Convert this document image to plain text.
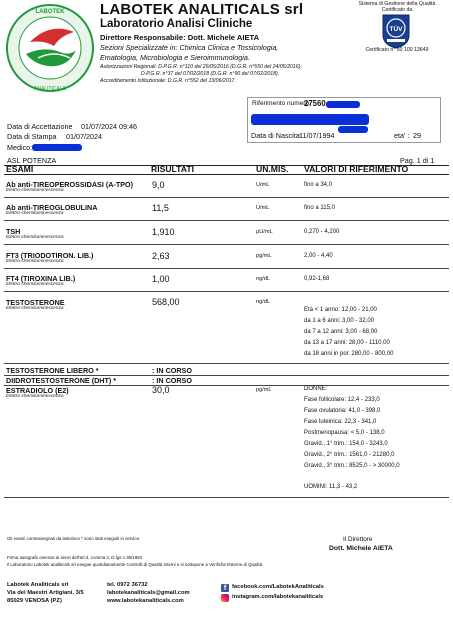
LABOTEK
ANALITICALS
LABOTEK ANALITICALS srl
Laboratorio Analisi Cliniche
Direttore Responsabile: Dott. Michele AIETA
Sezioni Specializzate in: Chimica Clinica e Tossicologia,
Ematologia, Microbiologia e Sieroimmunologia.
Autorizzazioni Regionali: D.P.G.R. n°110 del 26/05/2016 (D.G.R. n°550 del 24/05/2016);
D.P.G.R. n°37 del 07/02/2018 (D.G.R. n°90 del 07/02/2018).
Accreditamento Istituzionale: D.G.R. n°552 del 13/06/2017.
Sistema di Gestione della Qualità Certificato da
TÜV
Certificato n° 50 100 13649
Riferimento numero:
27560
Data di Accettazione 01/07/2024 09:46
Data di Stampa 01/07/2024
Medico:
Data di Nascita:
11/07/1994	eta' : 29
ASL POTENZA	Pag. 1 di 1
ESAMI	RISULTATI	UN.MIS. VALORI DI RIFERIMENTO
Ab anti-TIREOPEROSSIDASI (A-TPO)
Elettro-chemiluminescenza
9,0	U/mL	fino a 34,0
Ab anti-TIREOGLOBULINA
Elettro-chemiluminescenza
11,5	U/mL	fino a 115,0
TSH
Elettro-chemiluminescenza
1,910	µU/mL	0,270 - 4,200
FT3 (TRIODOTIRON. LIB.)
Elettro-chemiluminescenza
2,63	pg/mL	2,00 - 4,40
FT4 (TIROXINA LIB.)
Elettro-chemiluminescenza
1,00	ng/dL	0,92-1,68
TESTOSTERONE
Elettro-chemiluminescenza
568,00	ng/dL
Età < 1 anno: 12,00 - 21,00
da 1 a 6 anni: 3,00 - 32,00
da 7 a 12 anni: 3,00 - 68,00
da 13 a 17 anni: 28,00 - 1110,00
da 18 anni in poi: 280,00 - 800,00
TESTOSTERONE LIBERO *	: IN CORSO
DIIDROTESTOSTERONE (DHT) *	: IN CORSO
ESTRADIOLO (E2)
Elettro-chemiluminescenza
30,0	pg/mL	DONNE:
Fase follicolare: 12,4 - 233,0
Fase ovulatoria: 41,0 - 398,0
Fase luteinica: 22,3 - 341,0
Postmenopausa: < 5,0 - 138,0
Gravid., 1° trim.: 154,0 - 3243,0
Gravid., 2° trim.: 1561,0 - 21280,0
Gravid., 3° trim.: 8525,0 - > 30000,0
UOMINI: 11,3 - 43,2
Gli esami contrassegnati da asterisco * sono stati eseguiti in service.	Il Direttore
Dott. Michele AIETA
Firma autografa omessa ai sensi dell'art.3, comma 2, D.lgs n.39/1993
Il Laboratorio Labotek analiticals srl esegue quotidianamente Controlli di Qualità Interni e si sottopone a Verifiche Esterne di Qualità
Labotek Analiticals srl
Via dei Maestri Artigiani, 3/5
85029 VENOSA (PZ)
tel. 0972 36732
labotekanaliticals@gmail.com
www.labotekanaliticals.com
f	facebook.com/LabotekAnaliticals
instagram.com/labotekanaliticals
